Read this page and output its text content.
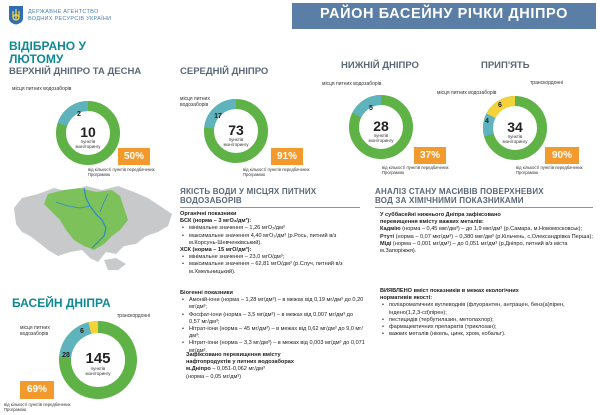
ДЕРЖАВНЕ АГЕНТСТВО
ВОДНИХ РЕСУРСІВ УКРАЇНИ	РАЙОН БАСЕЙНУ РІЧКИ ДНІПРО
ВІДІБРАНО У
ЛЮТОМУ
ВЕРХНІЙ ДНІПРО ТА ДЕСНА
місця питних водозаборів
2
10
пунктів моніторингу
50%
від кількості пунктів передбачених Програмою
СЕРЕДНІЙ ДНІПРО
місця питних водозаборів
17
73
пунктів моніторингу
91%
від кількості пунктів передбачених Програмою
НИЖНІЙ ДНІПРО
місця питних водозаборів
5
28
пунктів моніторингу
37%
від кількості пунктів передбачених Програмою
ПРИП'ЯТЬ
місця питних водозаборів
транскордонні
4
6
34
пунктів моніторингу
90%
від кількості пунктів передбачених Програмою
БАСЕЙН ДНІПРА
місця питних водозаборів
транскордонні
28
6
145
пунктів моніторингу
69%
від кількості пунктів передбачених Програмою
ЯКІСТЬ ВОДИ У МІСЦЯХ ПИТНИХ
ВОДОЗАБОРІВ
Органічні показники
БСК (норма – 3 мгО₂/дм³):
• мінімальне значення – 1,26 мгО₂/дм³
• максимальне значення 4,40 мгО₂/дм³ (р.Рось, питний в/з м.Корсунь-Шевченківський).
ХСК (норма – 15 мгО/дм³):
• мінімальне значення – 23,0 мгО/дм³;
• максимальне значення – 62,81 мгО/дм³ (р.Случ, питний в/з м.Хмельницький).
Біогенні показники
• Амоній-іони (норма – 1,28 мг/дм³) – в межах від 0,19 мг/дм³ до 0,20 мг/дм³;
• Фосфат-іони (норма – 3,5 мг/дм³) – в межах від 0,007 мг/дм³ до 0,57 мг/дм³;
• Нітрат-іони (норма – 45 мг/дм³) – в межах від 0,62 мг/дм³ до 9,0 мг/дм³;
• Нітрит-іони (норма – 3,3 мг/дм³) – в межах від 0,003 мг/дм³ до 0,071 мг/дм³.
Зафіксовано перевищення вмісту
нафтопродуктів у питних водозаборах
м.Дніпро – 0,051-0,062 мг/дм³
(норма – 0,05 мг/дм³)
АНАЛІЗ СТАНУ МАСИВІВ ПОВЕРХНЕВИХ
ВОД ЗА ХІМІЧНИМИ ПОКАЗНИКАМИ
У суббасейні нижнього Дніпра зафіксовано
перевищення вмісту важких металів:
Кадмію (норма – 0,45 мкг/дм³) – до 1,9 мкг/дм³ (р.Самара, м.Новомосковськ);
Ртуті (норма – 0,07 мкг/дм³) – 0,380 мкг/дм³ (р.Кільчень, с.Олександрівка Перша);
Міді (норма – 0,001 мг/дм³) – до 0,051 мг/дм³ (р.Дніпро, питний в/з міста м.Запоріжжя).
ВИЯВЛЕНО вміст показників в межах екологічних
нормативів якості:
• поліароматичних вуглеводнів (флуорантен, антрацен, бенз(а)пірен, індено(1,2,3-cd)пірен);
• пестицидів (тербутилазин, метолахлор);
• фармацевтичних препаратів (триклозан);
• важких металів (нікель, цинк, хром, кобальт).
